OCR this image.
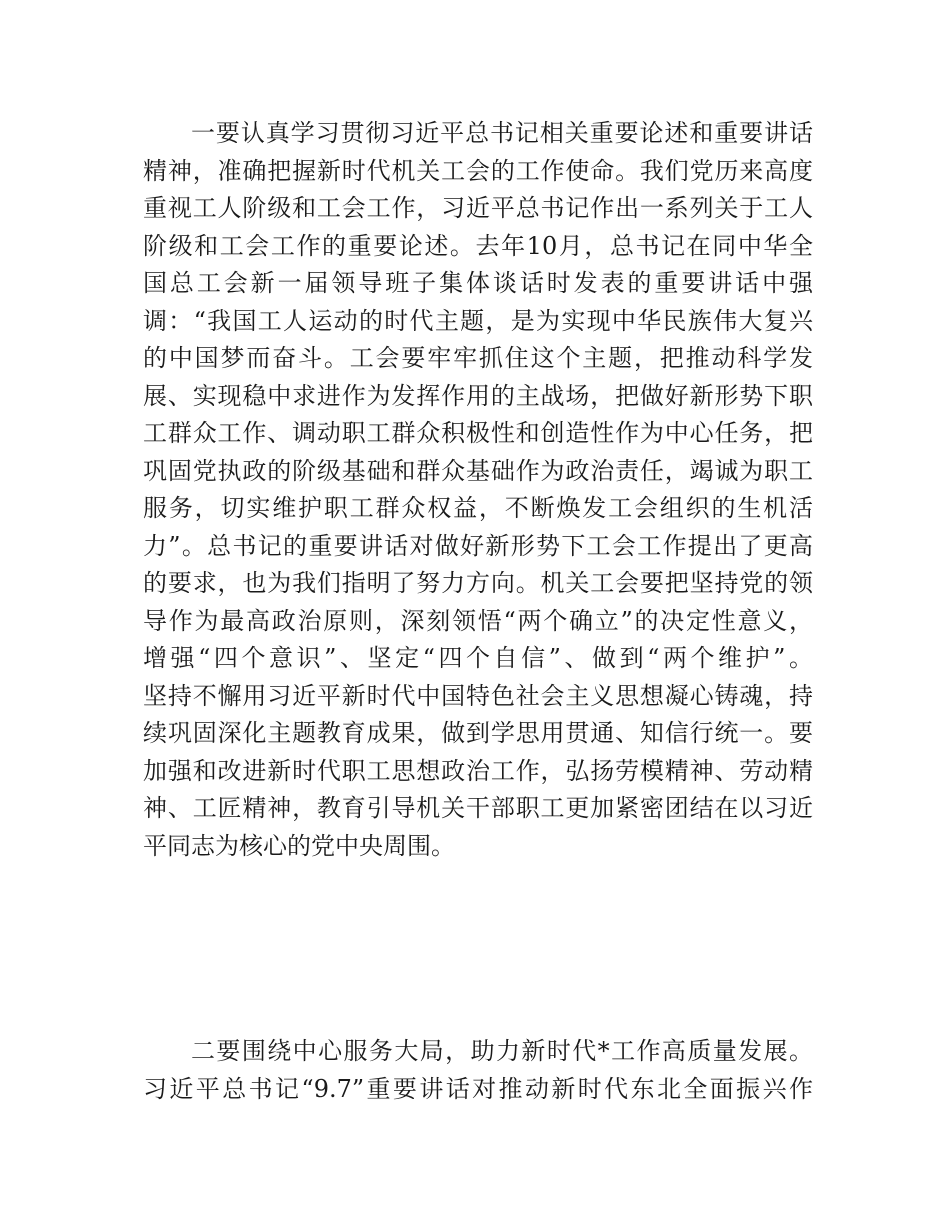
一要认真学习贯彻习近平总书记相关重要论述和重要讲话
精神，准确把握新时代机关工会的工作使命。我们党历来高度
重视工人阶级和工会工作，习近平总书记作出一系列关于工人
阶级和工会工作的重要论述。去年10月，总书记在同中华全
国总工会新一届领导班子集体谈话时发表的重要讲话中强
调：“我国工人运动的时代主题，是为实现中华民族伟大复兴
的中国梦而奋斗。工会要牢牢抓住这个主题，把推动科学发
展、实现稳中求进作为发挥作用的主战场，把做好新形势下职
工群众工作、调动职工群众积极性和创造性作为中心任务，把
巩固党执政的阶级基础和群众基础作为政治责任，竭诚为职工
服务，切实维护职工群众权益，不断焕发工会组织的生机活
力”。总书记的重要讲话对做好新形势下工会工作提出了更高
的要求，也为我们指明了努力方向。机关工会要把坚持党的领
导作为最高政治原则，深刻领悟“两个确立”的决定性意义，
增强“四个意识”、坚定“四个自信”、做到“两个维护”。
坚持不懈用习近平新时代中国特色社会主义思想凝心铸魂，持
续巩固深化主题教育成果，做到学思用贯通、知信行统一。要
加强和改进新时代职工思想政治工作，弘扬劳模精神、劳动精
神、工匠精神，教育引导机关干部职工更加紧密团结在以习近
平同志为核心的党中央周围。
二要围绕中心服务大局，助力新时代*工作高质量发展。
习近平总书记“9.7”重要讲话对推动新时代东北全面振兴作
